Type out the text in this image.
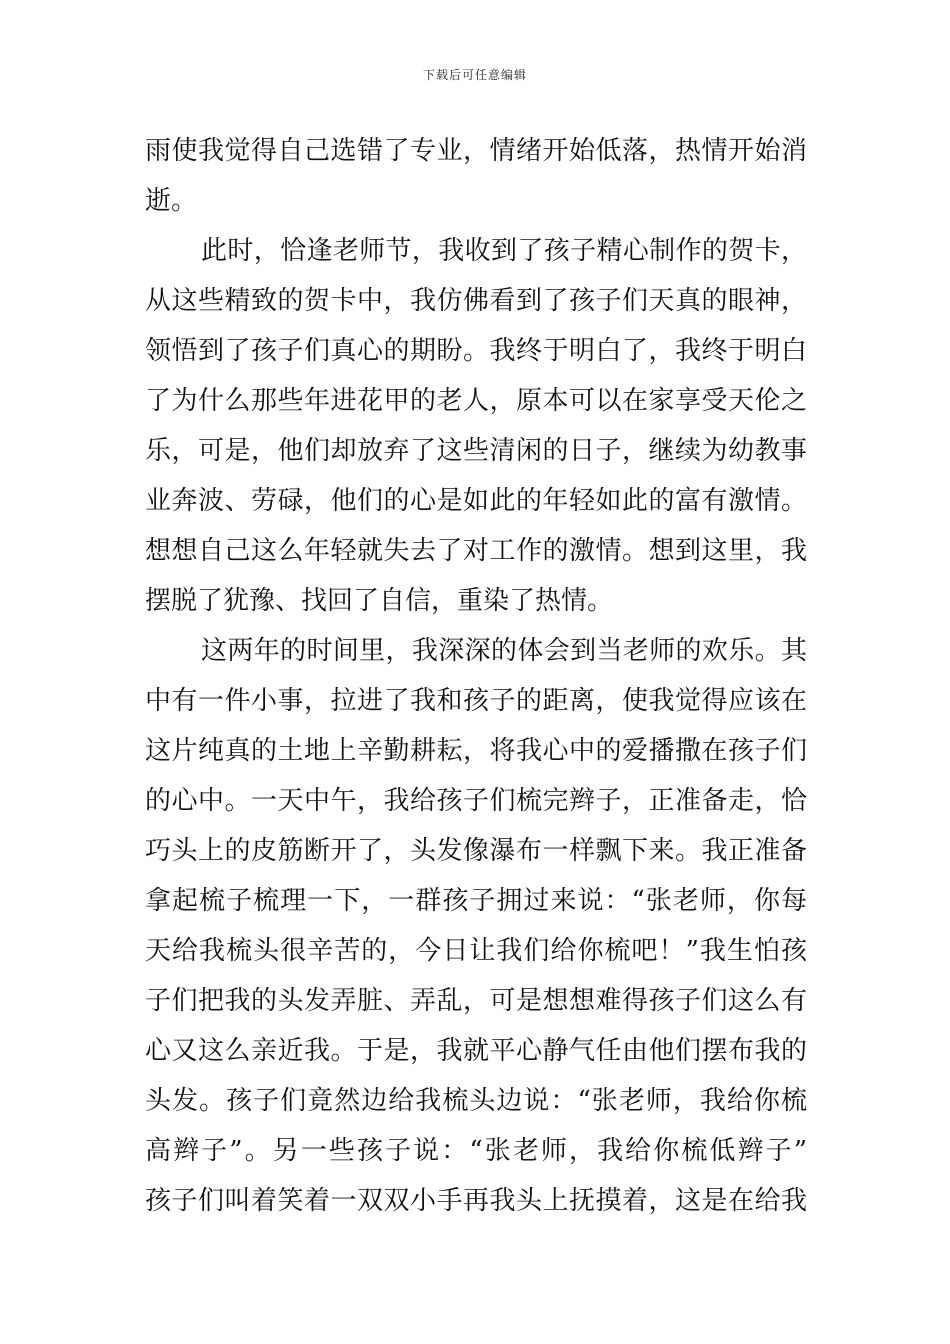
下载后可任意编辑
雨使我觉得自己选错了专业，情绪开始低落，热情开始消
逝。
此时，恰逢老师节，我收到了孩子精心制作的贺卡，
从这些精致的贺卡中，我仿佛看到了孩子们天真的眼神，
领悟到了孩子们真心的期盼。我终于明白了，我终于明白
了为什么那些年进花甲的老人，原本可以在家享受天伦之
乐，可是，他们却放弃了这些清闲的日子，继续为幼教事
业奔波、劳碌，他们的心是如此的年轻如此的富有激情。
想想自己这么年轻就失去了对工作的激情。想到这里，我
摆脱了犹豫、找回了自信，重染了热情。
这两年的时间里，我深深的体会到当老师的欢乐。其
中有一件小事，拉进了我和孩子的距离，使我觉得应该在
这片纯真的土地上辛勤耕耘，将我心中的爱播撒在孩子们
的心中。一天中午，我给孩子们梳完辫子，正准备走，恰
巧头上的皮筋断开了，头发像瀑布一样飘下来。我正准备
拿起梳子梳理一下，一群孩子拥过来说：“张老师，你每
天给我梳头很辛苦的，今日让我们给你梳吧！”我生怕孩
子们把我的头发弄脏、弄乱，可是想想难得孩子们这么有
心又这么亲近我。于是，我就平心静气任由他们摆布我的
头发。孩子们竟然边给我梳头边说：“张老师，我给你梳
高辫子”。另一些孩子说：“张老师，我给你梳低辫子”
孩子们叫着笑着一双双小手再我头上抚摸着，这是在给我
